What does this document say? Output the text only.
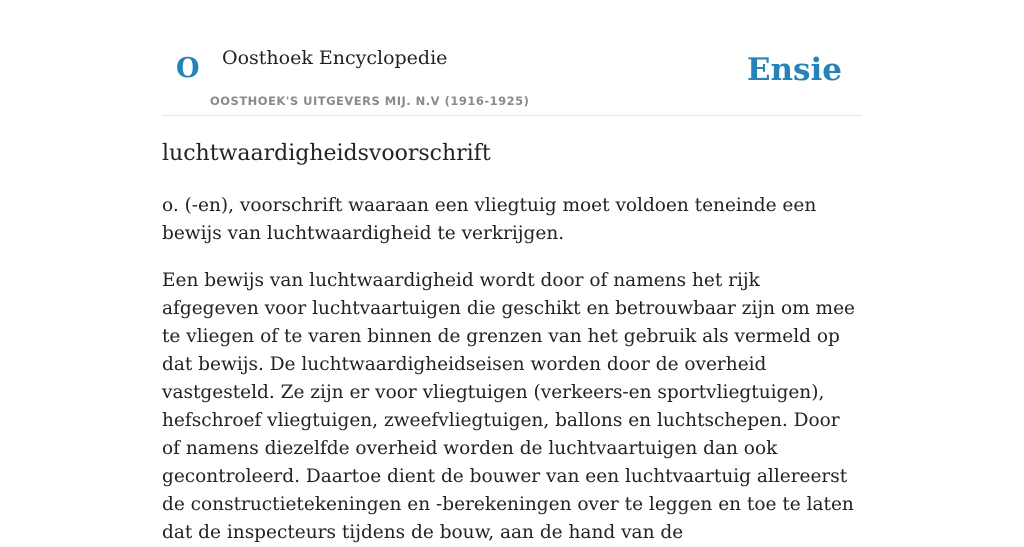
O Oosthoek Encyclopedie
OOSTHOEK'S UITGEVERS MIJ. N.V (1916-1925)
Ensie
luchtwaardigheidsvoorschrift

o. (-en), voorschrift waaraan een vliegtuig moet voldoen teneinde een bewijs van luchtwaardigheid te verkrijgen.

Een bewijs van luchtwaardigheid wordt door of namens het rijk afgegeven voor luchtvaartuigen die geschikt en betrouwbaar zijn om mee te vliegen of te varen binnen de grenzen van het gebruik als vermeld op dat bewijs. De luchtwaardigheidseisen worden door de overheid vastgesteld. Ze zijn er voor vliegtuigen (verkeers-en sportvliegtuigen), hefschroef vliegtuigen, zweefvliegtuigen, ballons en luchtschepen. Door of namens diezelfde overheid worden de luchtvaartuigen dan ook gecontroleerd. Daartoe dient de bouwer van een luchtvaartuig allereerst de constructietekeningen en -berekeningen over te leggen en toe te laten dat de inspecteurs tijdens de bouw, aan de hand van de
